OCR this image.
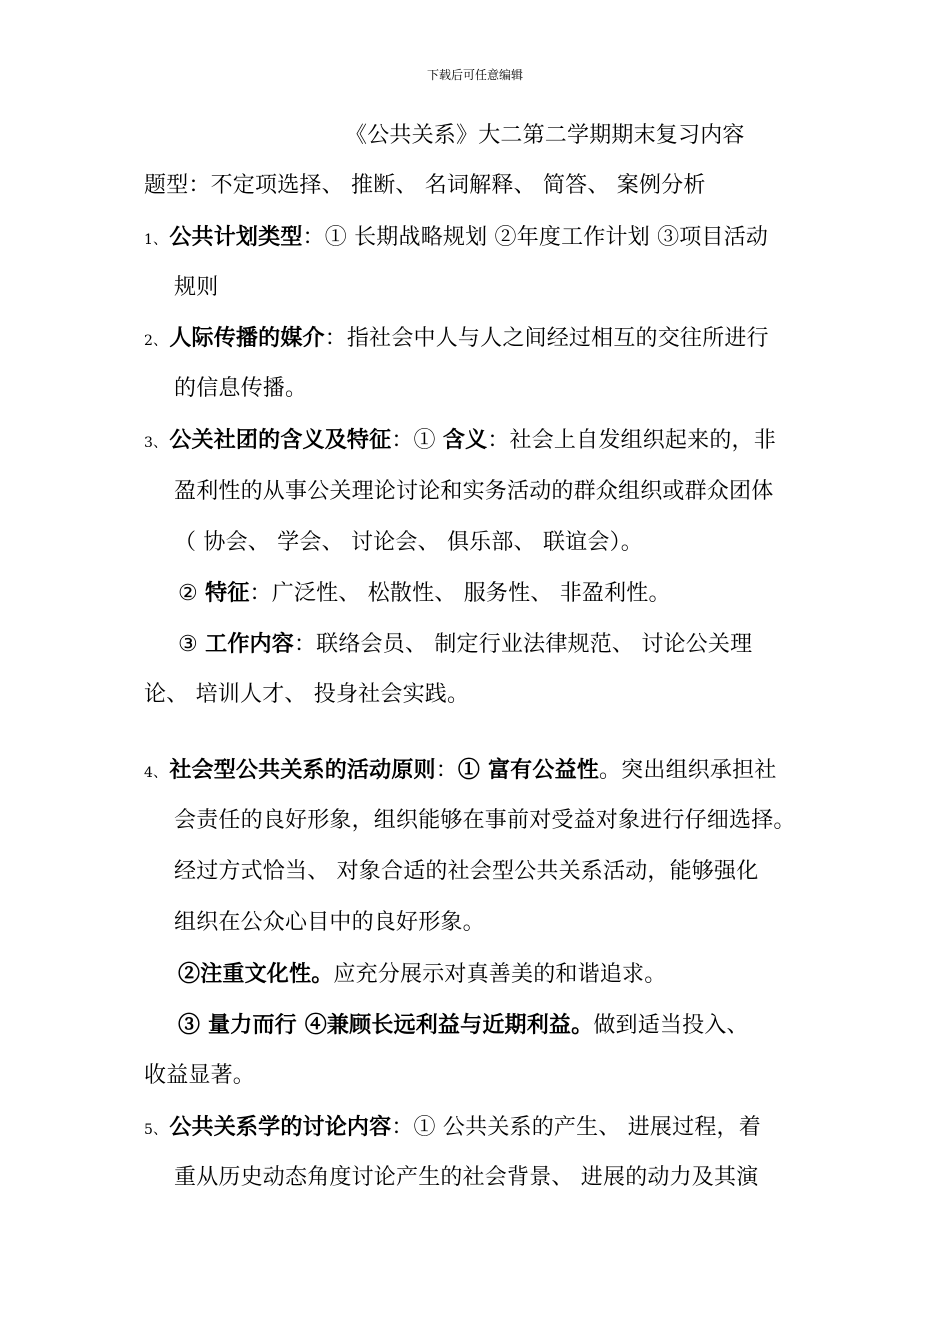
下载后可任意编辑
《公共关系》大二第二学期期末复习内容
题型：不定项选择、 推断、 名词解释、 简答、 案例分析
1、公共计划类型：① 长期战略规划 ②年度工作计划 ③项目活动
规则
2、人际传播的媒介：指社会中人与人之间经过相互的交往所进行
的信息传播。
3、公关社团的含义及特征：① 含义：社会上自发组织起来的，非
盈利性的从事公关理论讨论和实务活动的群众组织或群众团体
（ 协会、 学会、 讨论会、 俱乐部、 联谊会）。
② 特征：广泛性、 松散性、 服务性、 非盈利性。
③ 工作内容：联络会员、 制定行业法律规范、 讨论公关理
论、 培训人才、 投身社会实践。
4、社会型公共关系的活动原则：① 富有公益性。突出组织承担社
会责任的良好形象，组织能够在事前对受益对象进行仔细选择。
经过方式恰当、 对象合适的社会型公共关系活动，能够强化
组织在公众心目中的良好形象。
②注重文化性。应充分展示对真善美的和谐追求。
③ 量力而行 ④兼顾长远利益与近期利益。做到适当投入、
收益显著。
5、公共关系学的讨论内容：① 公共关系的产生、 进展过程，着
重从历史动态角度讨论产生的社会背景、 进展的动力及其演
